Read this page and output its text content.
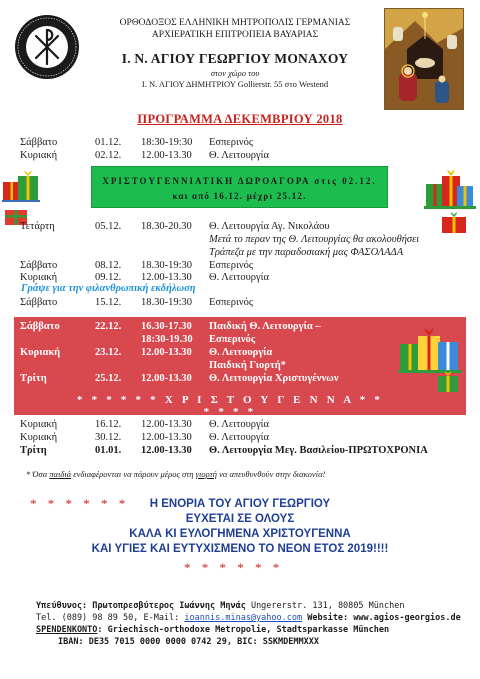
ΟΡΘΟΔΟΞΟΣ ΕΛΛΗΝΙΚΗ ΜΗΤΡΟΠΟΛΙΣ ΓΕΡΜΑΝΙΑΣ
ΑΡΧΙΕΡΑΤΙΚΗ ΕΠΙΤΡΟΠΕΙΑ ΒΑΥΑΡΙΑΣ
Ι. Ν. ΑΓΙΟΥ ΓΕΩΡΓΙΟΥ ΜΟΝΑΧΟΥ
στον χώρο του
Ι. Ν. ΑΓΙΟΥ ΔΗΜΗΤΡΙΟΥ Gollierstr. 55 στο Westend
ΠΡΟΓΡΑΜΜΑ ΔΕΚΕΜΒΡΙΟΥ 2018
Σάββατο	01.12. 18:30-19:30 Εσπερινός
Κυριακή	02.12. 12.00-13.30 Θ. Λειτουργία
ΧΡΙΣΤΟΥΓΕΝΝΙΑΤΙΚΗ ΔΩΡΟΑΓΟΡΑ στις 02.12.
και από 16.12. μέχρι 25.12.
Τετάρτη	05.12. 18.30-20.30 Θ. Λειτουργία Αγ. Νικολάου
Μετά το περαν της Θ. Λειτουργίας θα ακολουθήσει
Τράπεζα με την παραδοσιακή μας ΦΑΣΟΛΑΔΑ
Σάββατο	08.12. 18.30-19:30 Εσπερινός
Κυριακή	09.12. 12.00-13.30 Θ. Λειτουργία
Γράψε για την φιλανθρωπική εκδήλωση
Σάββατο	15.12. 18.30-19:30 Εσπερινός
Σάββατο	22.12. 16.30-17.30 Παιδική Θ. Λειτουργία –
18:30-19.30 Εσπερινός
Κυριακή	23.12. 12.00-13.30 Θ. Λειτουργία
Παιδική Γιορτή*
Τρίτη	25.12. 12.00-13.30 Θ. Λειτουργία Χριστυγέννων
* * * * * * Χ Ρ Ι Σ Τ Ο Υ Γ Ε Ν Ν Α * * * * * *
Κυριακή	16.12. 12.00-13.30 Θ. Λειτουργία
Κυριακή	30.12. 12.00-13.30 Θ. Λειτουργία
Τρίτη	01.01. 12.00-13.30 Θ. Λειτουργία Μεγ. Βασιλείου-ΠΡΩΤΟΧΡΟΝΙΑ
* Όσα παιδιά ενδιαφέρονται να πάρουν μέρος στη γιορτή να απευθυνθούν στην διακονία!
* * * * * *	Η ΕΝΟΡΙΑ ΤΟΥ ΑΓΙΟΥ ΓΕΩΡΓΙΟΥ
ΕΥΧΕΤΑΙ ΣΕ ΟΛΟΥΣ
ΚΑΛΑ ΚΙ ΕΥΛΟΓΗΜΕΝΑ ΧΡΙΣΤΟΥΓΕΝΝΑ
ΚΑΙ ΥΓΙΕΣ ΚΑΙ ΕΥΤΥΧΙΣΜΕΝΟ ΤΟ ΝΕΟΝ ΕΤΟΣ 2019!!!!
* * * * * *
Υπεύθυνος: Πρωτοπρεσβύτερος Ιωάννης Μηνάς Ungererstr. 131, 80805 München
Tel. (089) 98 89 50, E-Mail: ioannis.minas@yahoo.com Website: www.agios-georgios.de
SPENDENKONTO: Griechisch-orthodoxe Metropolie, Stadtsparkasse München
IBAN: DE35 7015 0000 0000 0742 29, BIC: SSKMDEMMXXX
